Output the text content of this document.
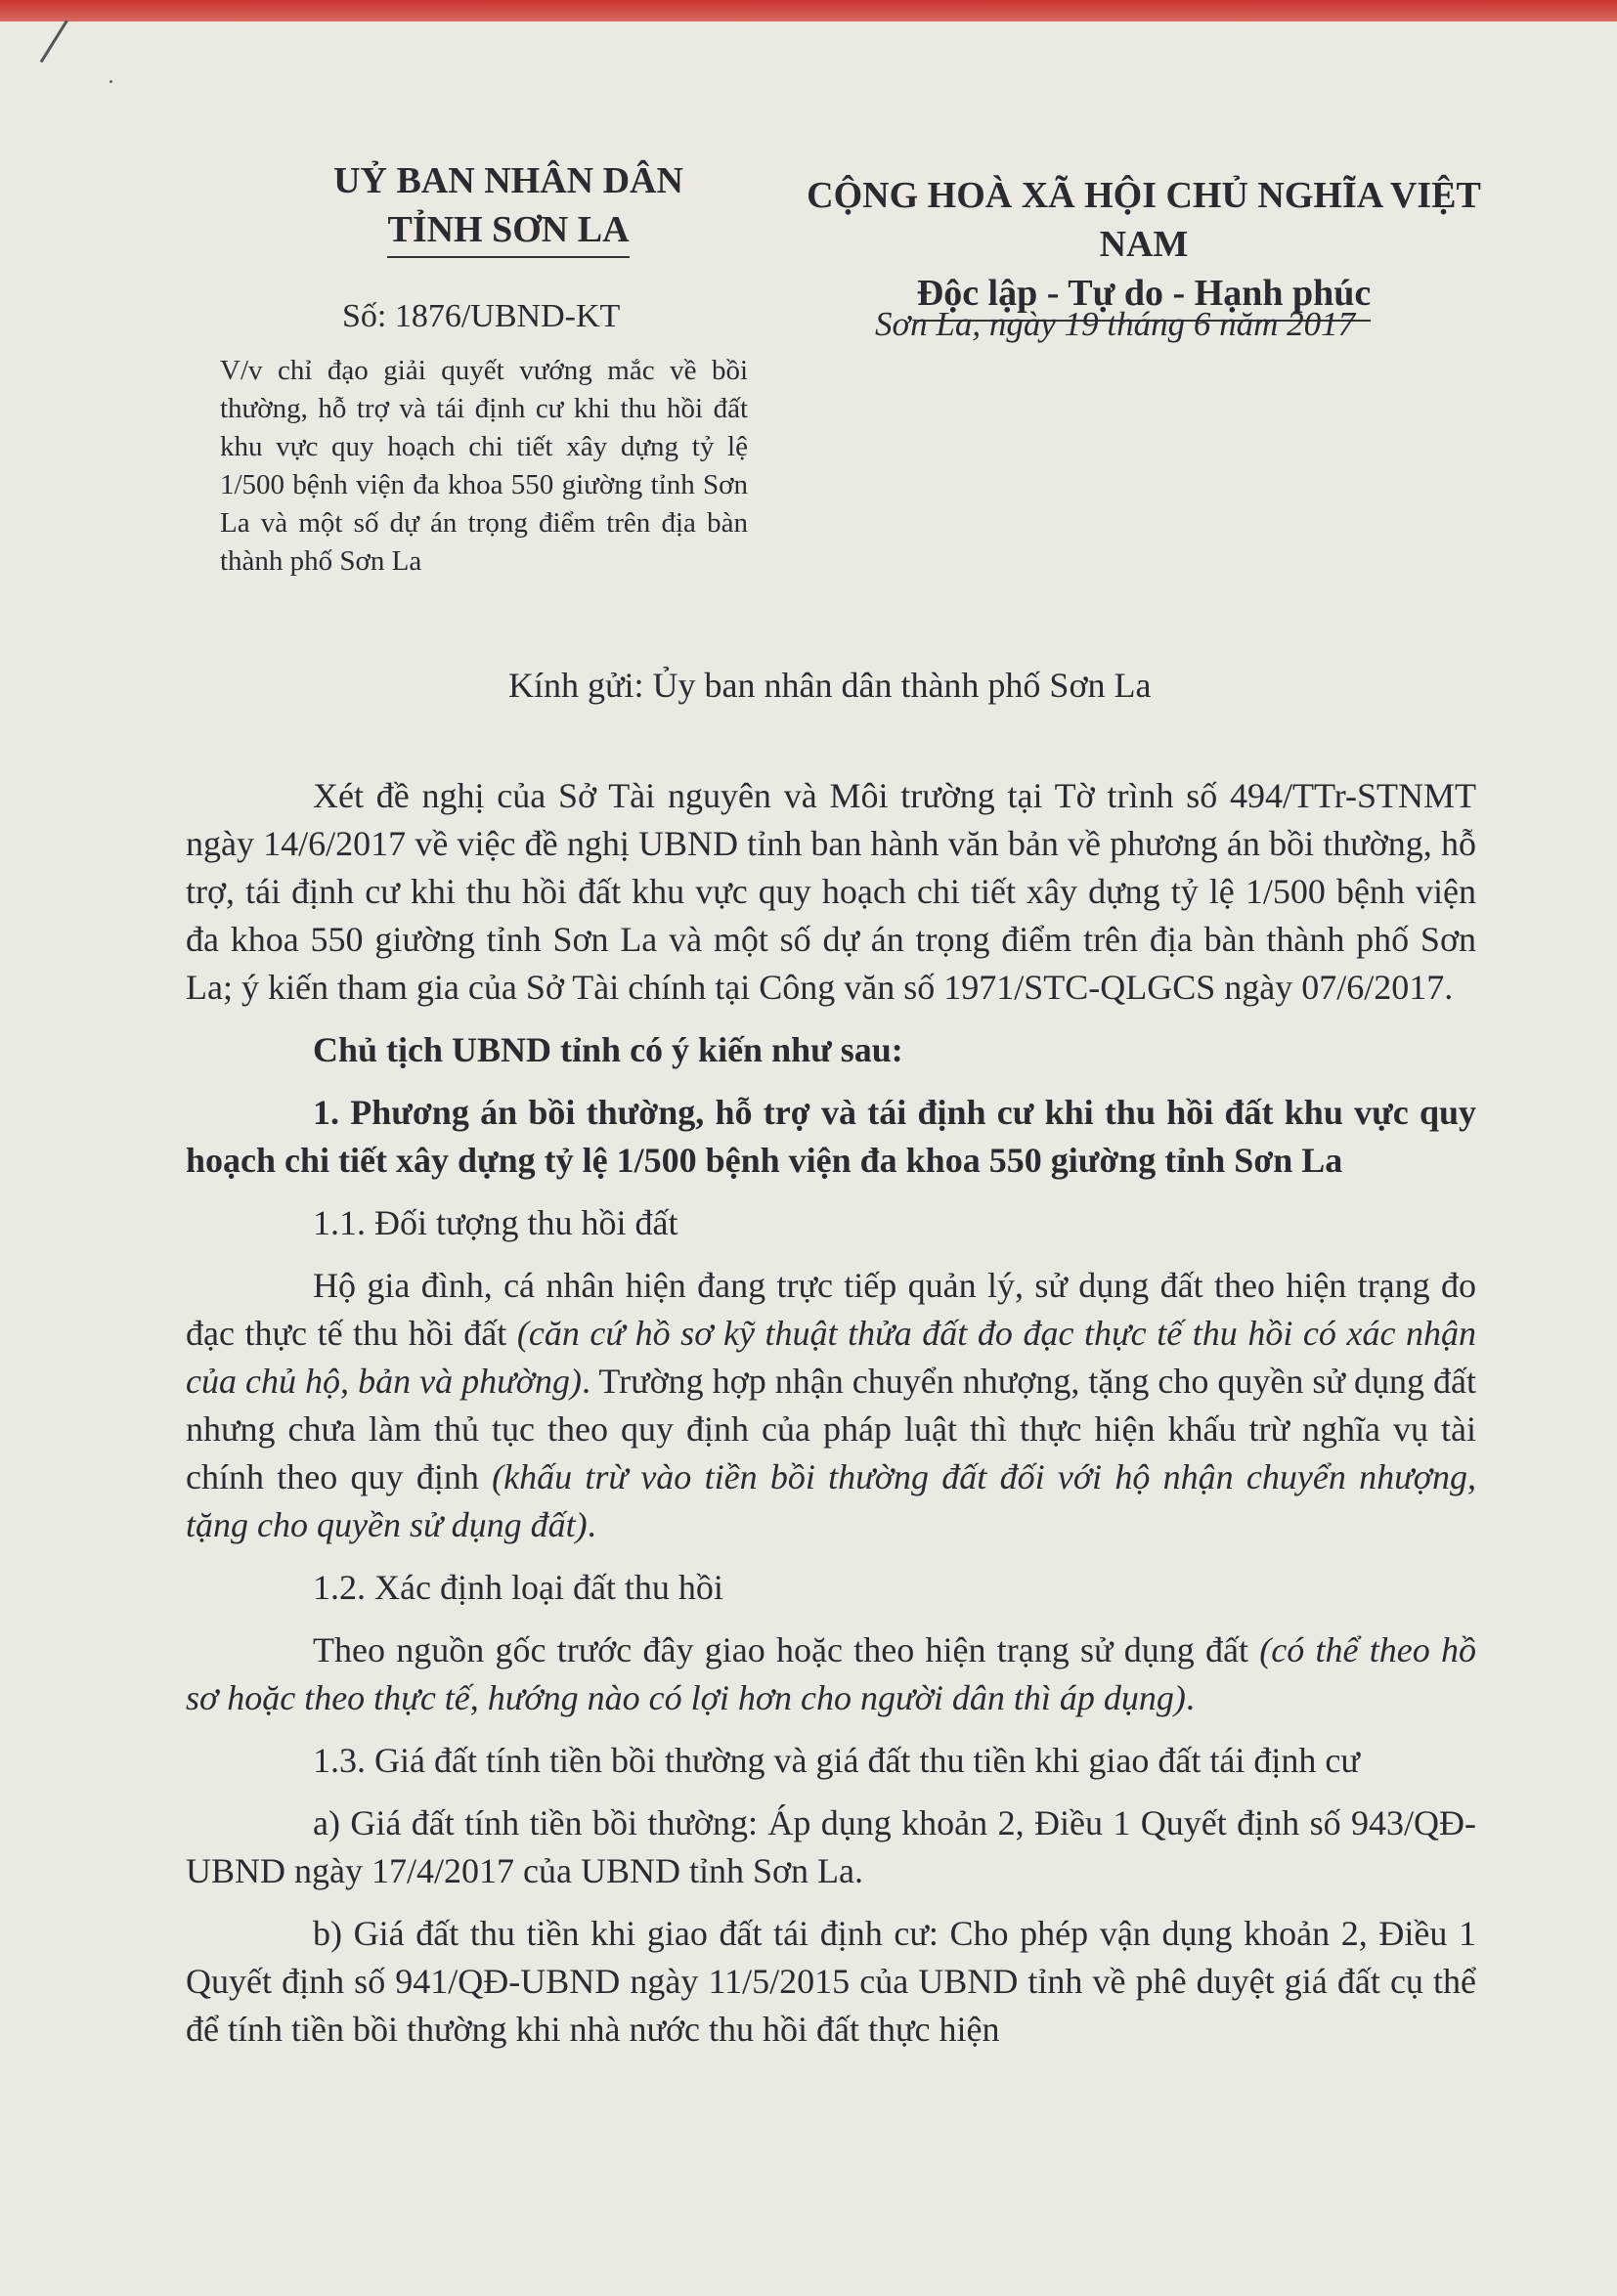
UỶ BAN NHÂN DÂN

TỈNH SƠN LA

CỘNG HOÀ XÃ HỘI CHỦ NGHĨA VIỆT NAM

Độc lập - Tự do - Hạnh phúc
Số: 1876/UBND-KT	Sơn La, ngày 19 tháng 6 năm 2017
V/v chỉ đạo giải quyết vướng mắc về bồi thường, hỗ trợ và tái định cư khi thu hồi đất khu vực quy hoạch chi tiết xây dựng tỷ lệ 1/500 bệnh viện đa khoa 550 giường tỉnh Sơn La và một số dự án trọng điểm trên địa bàn thành phố Sơn La
Kính gửi: Ủy ban nhân dân thành phố Sơn La

Xét đề nghị của Sở Tài nguyên và Môi trường tại Tờ trình số 494/TTr-STNMT ngày 14/6/2017 về việc đề nghị UBND tỉnh ban hành văn bản về phương án bồi thường, hỗ trợ, tái định cư khi thu hồi đất khu vực quy hoạch chi tiết xây dựng tỷ lệ 1/500 bệnh viện đa khoa 550 giường tỉnh Sơn La và một số dự án trọng điểm trên địa bàn thành phố Sơn La; ý kiến tham gia của Sở Tài chính tại Công văn số 1971/STC-QLGCS ngày 07/6/2017.

Chủ tịch UBND tỉnh có ý kiến như sau:

1. Phương án bồi thường, hỗ trợ và tái định cư khi thu hồi đất khu vực quy hoạch chi tiết xây dựng tỷ lệ 1/500 bệnh viện đa khoa 550 giường tỉnh Sơn La

1.1. Đối tượng thu hồi đất

Hộ gia đình, cá nhân hiện đang trực tiếp quản lý, sử dụng đất theo hiện trạng đo đạc thực tế thu hồi đất (căn cứ hồ sơ kỹ thuật thửa đất đo đạc thực tế thu hồi có xác nhận của chủ hộ, bản và phường). Trường hợp nhận chuyển nhượng, tặng cho quyền sử dụng đất nhưng chưa làm thủ tục theo quy định của pháp luật thì thực hiện khấu trừ nghĩa vụ tài chính theo quy định (khấu trừ vào tiền bồi thường đất đối với hộ nhận chuyển nhượng, tặng cho quyền sử dụng đất).

1.2. Xác định loại đất thu hồi

Theo nguồn gốc trước đây giao hoặc theo hiện trạng sử dụng đất (có thể theo hồ sơ hoặc theo thực tế, hướng nào có lợi hơn cho người dân thì áp dụng).

1.3. Giá đất tính tiền bồi thường và giá đất thu tiền khi giao đất tái định cư

a) Giá đất tính tiền bồi thường: Áp dụng khoản 2, Điều 1 Quyết định số 943/QĐ-UBND ngày 17/4/2017 của UBND tỉnh Sơn La.

b) Giá đất thu tiền khi giao đất tái định cư: Cho phép vận dụng khoản 2, Điều 1 Quyết định số 941/QĐ-UBND ngày 11/5/2015 của UBND tỉnh về phê duyệt giá đất cụ thể để tính tiền bồi thường khi nhà nước thu hồi đất thực hiện
